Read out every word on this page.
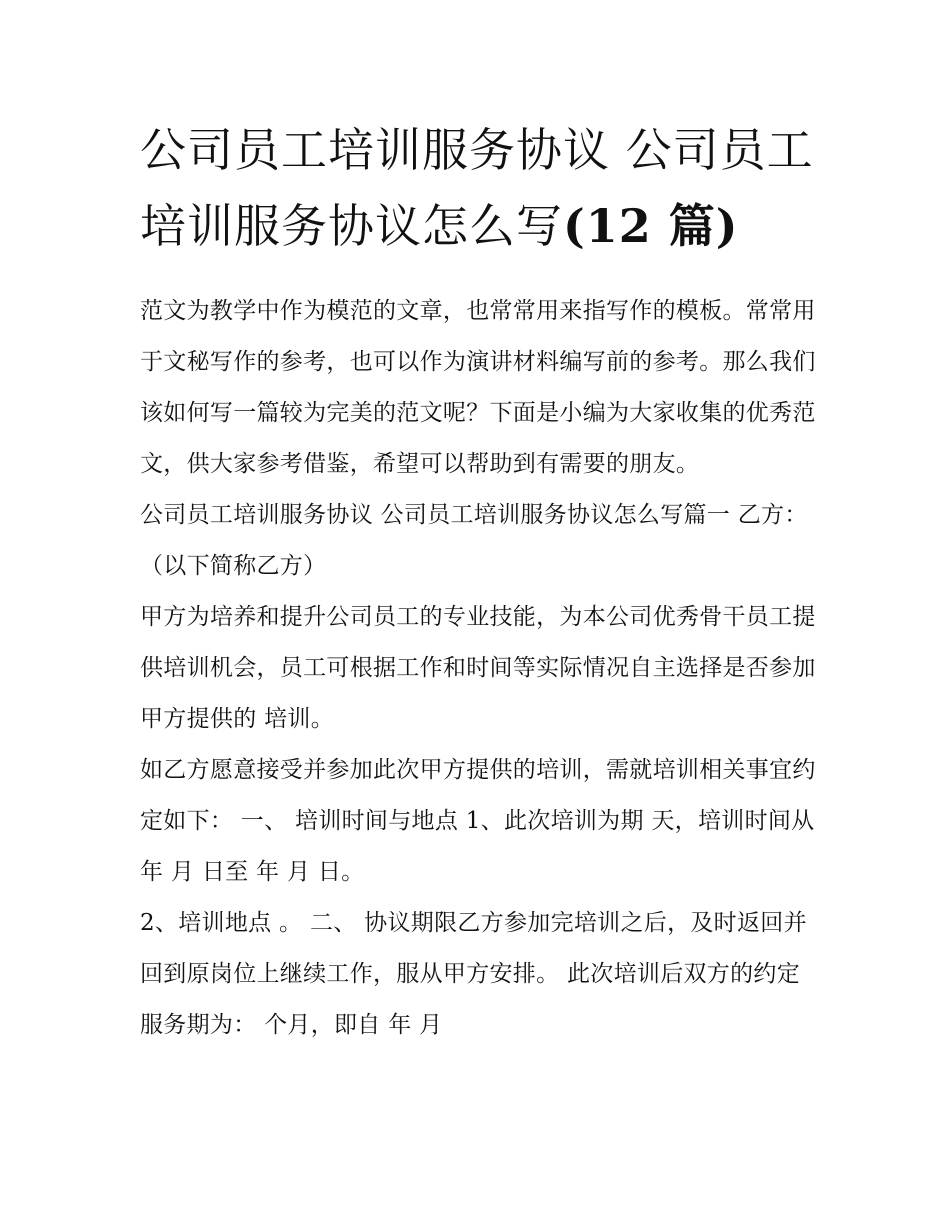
公司员工培训服务协议 公司员工培训服务协议怎么写(12 篇)

范文为教学中作为模范的文章，也常常用来指写作的模板。常常用于文秘写作的参考，也可以作为演讲材料编写前的参考。那么我们该如何写一篇较为完美的范文呢？下面是小编为大家收集的优秀范文，供大家参考借鉴，希望可以帮助到有需要的朋友。

公司员工培训服务协议 公司员工培训服务协议怎么写篇一 乙方：（以下简称乙方）

甲方为培养和提升公司员工的专业技能，为本公司优秀骨干员工提供培训机会，员工可根据工作和时间等实际情况自主选择是否参加甲方提供的 培训。

如乙方愿意接受并参加此次甲方提供的培训，需就培训相关事宜约定如下： 一、 培训时间与地点 1、此次培训为期 天，培训时间从 年 月 日至 年 月 日。

2、培训地点 。 二、 协议期限乙方参加完培训之后，及时返回并回到原岗位上继续工作，服从甲方安排。 此次培训后双方的约定服务期为： 个月，即自 年 月
